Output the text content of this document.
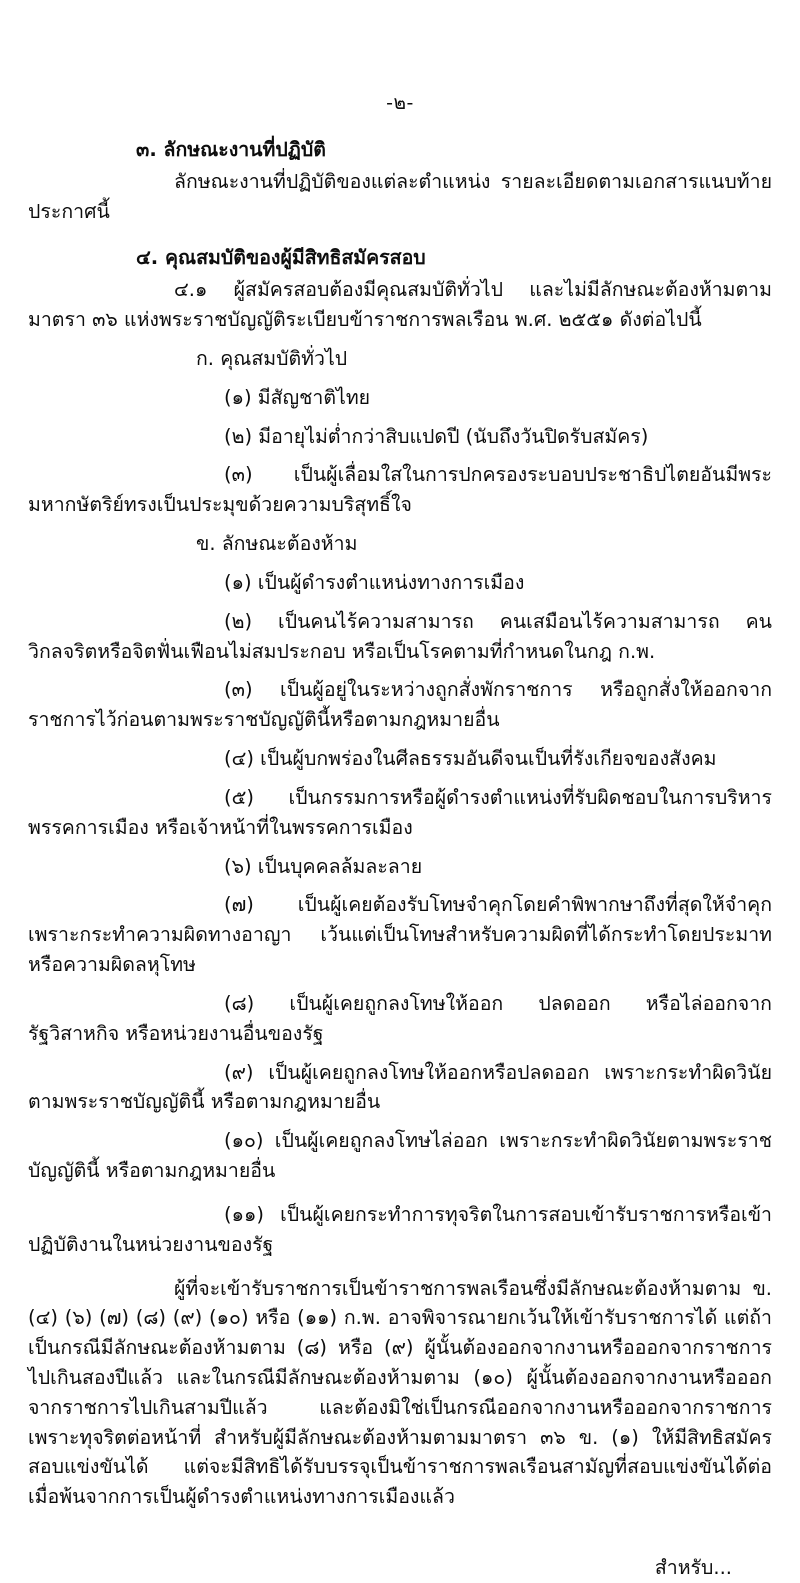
-๒-

๓. ลักษณะงานที่ปฏิบัติ

ลักษณะงานที่ปฏิบัติของแต่ละตำแหน่ง รายละเอียดตามเอกสารแนบท้ายประกาศนี้

๔. คุณสมบัติของผู้มีสิทธิสมัครสอบ

๔.๑ ผู้สมัครสอบต้องมีคุณสมบัติทั่วไป และไม่มีลักษณะต้องห้ามตามมาตรา ๓๖ แห่งพระราชบัญญัติระเบียบข้าราชการพลเรือน พ.ศ. ๒๕๕๑ ดังต่อไปนี้

ก. คุณสมบัติทั่วไป

(๑) มีสัญชาติไทย

(๒) มีอายุไม่ต่ำกว่าสิบแปดปี (นับถึงวันปิดรับสมัคร)

(๓) เป็นผู้เลื่อมใสในการปกครองระบอบประชาธิปไตยอันมีพระมหากษัตริย์ทรงเป็นประมุขด้วยความบริสุทธิ์ใจ

ข. ลักษณะต้องห้าม

(๑) เป็นผู้ดำรงตำแหน่งทางการเมือง

(๒) เป็นคนไร้ความสามารถ คนเสมือนไร้ความสามารถ คนวิกลจริตหรือจิตฟั่นเฟือนไม่สมประกอบ หรือเป็นโรคตามที่กำหนดในกฎ ก.พ.

(๓) เป็นผู้อยู่ในระหว่างถูกสั่งพักราชการ หรือถูกสั่งให้ออกจากราชการไว้ก่อนตามพระราชบัญญัตินี้หรือตามกฎหมายอื่น

(๔) เป็นผู้บกพร่องในศีลธรรมอันดีจนเป็นที่รังเกียจของสังคม

(๕) เป็นกรรมการหรือผู้ดำรงตำแหน่งที่รับผิดชอบในการบริหารพรรคการเมือง หรือเจ้าหน้าที่ในพรรคการเมือง

(๖) เป็นบุคคลล้มละลาย

(๗) เป็นผู้เคยต้องรับโทษจำคุกโดยคำพิพากษาถึงที่สุดให้จำคุกเพราะกระทำความผิดทางอาญา เว้นแต่เป็นโทษสำหรับความผิดที่ได้กระทำโดยประมาท หรือความผิดลหุโทษ

(๘) เป็นผู้เคยถูกลงโทษให้ออก ปลดออก หรือไล่ออกจากรัฐวิสาหกิจ หรือหน่วยงานอื่นของรัฐ

(๙) เป็นผู้เคยถูกลงโทษให้ออกหรือปลดออก เพราะกระทำผิดวินัยตามพระราชบัญญัตินี้ หรือตามกฎหมายอื่น

(๑๐) เป็นผู้เคยถูกลงโทษไล่ออก เพราะกระทำผิดวินัยตามพระราชบัญญัตินี้ หรือตามกฎหมายอื่น

(๑๑) เป็นผู้เคยกระทำการทุจริตในการสอบเข้ารับราชการหรือเข้าปฏิบัติงานในหน่วยงานของรัฐ

ผู้ที่จะเข้ารับราชการเป็นข้าราชการพลเรือนซึ่งมีลักษณะต้องห้ามตาม ข. (๔) (๖) (๗) (๘) (๙) (๑๐) หรือ (๑๑) ก.พ. อาจพิจารณายกเว้นให้เข้ารับราชการได้ แต่ถ้าเป็นกรณีมีลักษณะต้องห้ามตาม (๘) หรือ (๙) ผู้นั้นต้องออกจากงานหรือออกจากราชการไปเกินสองปีแล้ว และในกรณีมีลักษณะต้องห้ามตาม (๑๐) ผู้นั้นต้องออกจากงานหรือออกจากราชการไปเกินสามปีแล้ว และต้องมิใช่เป็นกรณีออกจากงานหรือออกจากราชการเพราะทุจริตต่อหน้าที่ สำหรับผู้มีลักษณะต้องห้ามตามมาตรา ๓๖ ข. (๑) ให้มีสิทธิสมัครสอบแข่งขันได้ แต่จะมีสิทธิได้รับบรรจุเป็นข้าราชการพลเรือนสามัญที่สอบแข่งขันได้ต่อเมื่อพ้นจากการเป็นผู้ดำรงตำแหน่งทางการเมืองแล้ว

สำหรับ...
